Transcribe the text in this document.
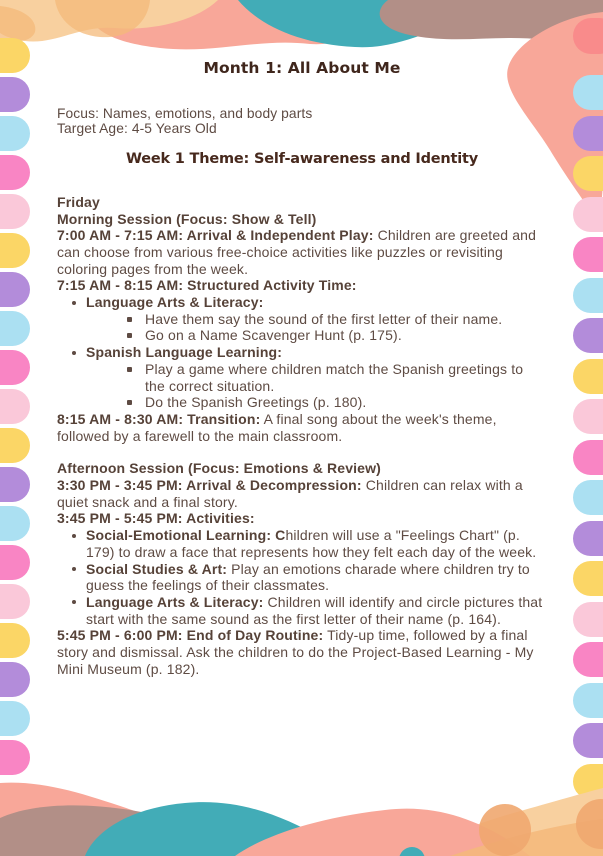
Month 1: All About Me

Focus: Names, emotions, and body parts

Target Age: 4-5 Years Old

Week 1 Theme: Self-awareness and Identity
Friday
Morning Session (Focus: Show & Tell)
7:00 AM - 7:15 AM: Arrival & Independent Play: Children are greeted and can choose from various free-choice activities like puzzles or revisiting coloring pages from the week.
7:15 AM - 8:15 AM: Structured Activity Time:
Language Arts & Literacy:
Have them say the sound of the first letter of their name.
Go on a Name Scavenger Hunt (p. 175).
Spanish Language Learning:
Play a game where children match the Spanish greetings to the correct situation.
Do the Spanish Greetings (p. 180).
8:15 AM - 8:30 AM: Transition: A final song about the week's theme, followed by a farewell to the main classroom.
Afternoon Session (Focus: Emotions & Review)
3:30 PM - 3:45 PM: Arrival & Decompression: Children can relax with a quiet snack and a final story.
3:45 PM - 5:45 PM: Activities:
Social-Emotional Learning: Children will use a "Feelings Chart" (p. 179) to draw a face that represents how they felt each day of the week.
Social Studies & Art: Play an emotions charade where children try to guess the feelings of their classmates.
Language Arts & Literacy: Children will identify and circle pictures that start with the same sound as the first letter of their name (p. 164).
5:45 PM - 6:00 PM: End of Day Routine: Tidy-up time, followed by a final story and dismissal. Ask the children to do the Project-Based Learning - My Mini Museum (p. 182).
